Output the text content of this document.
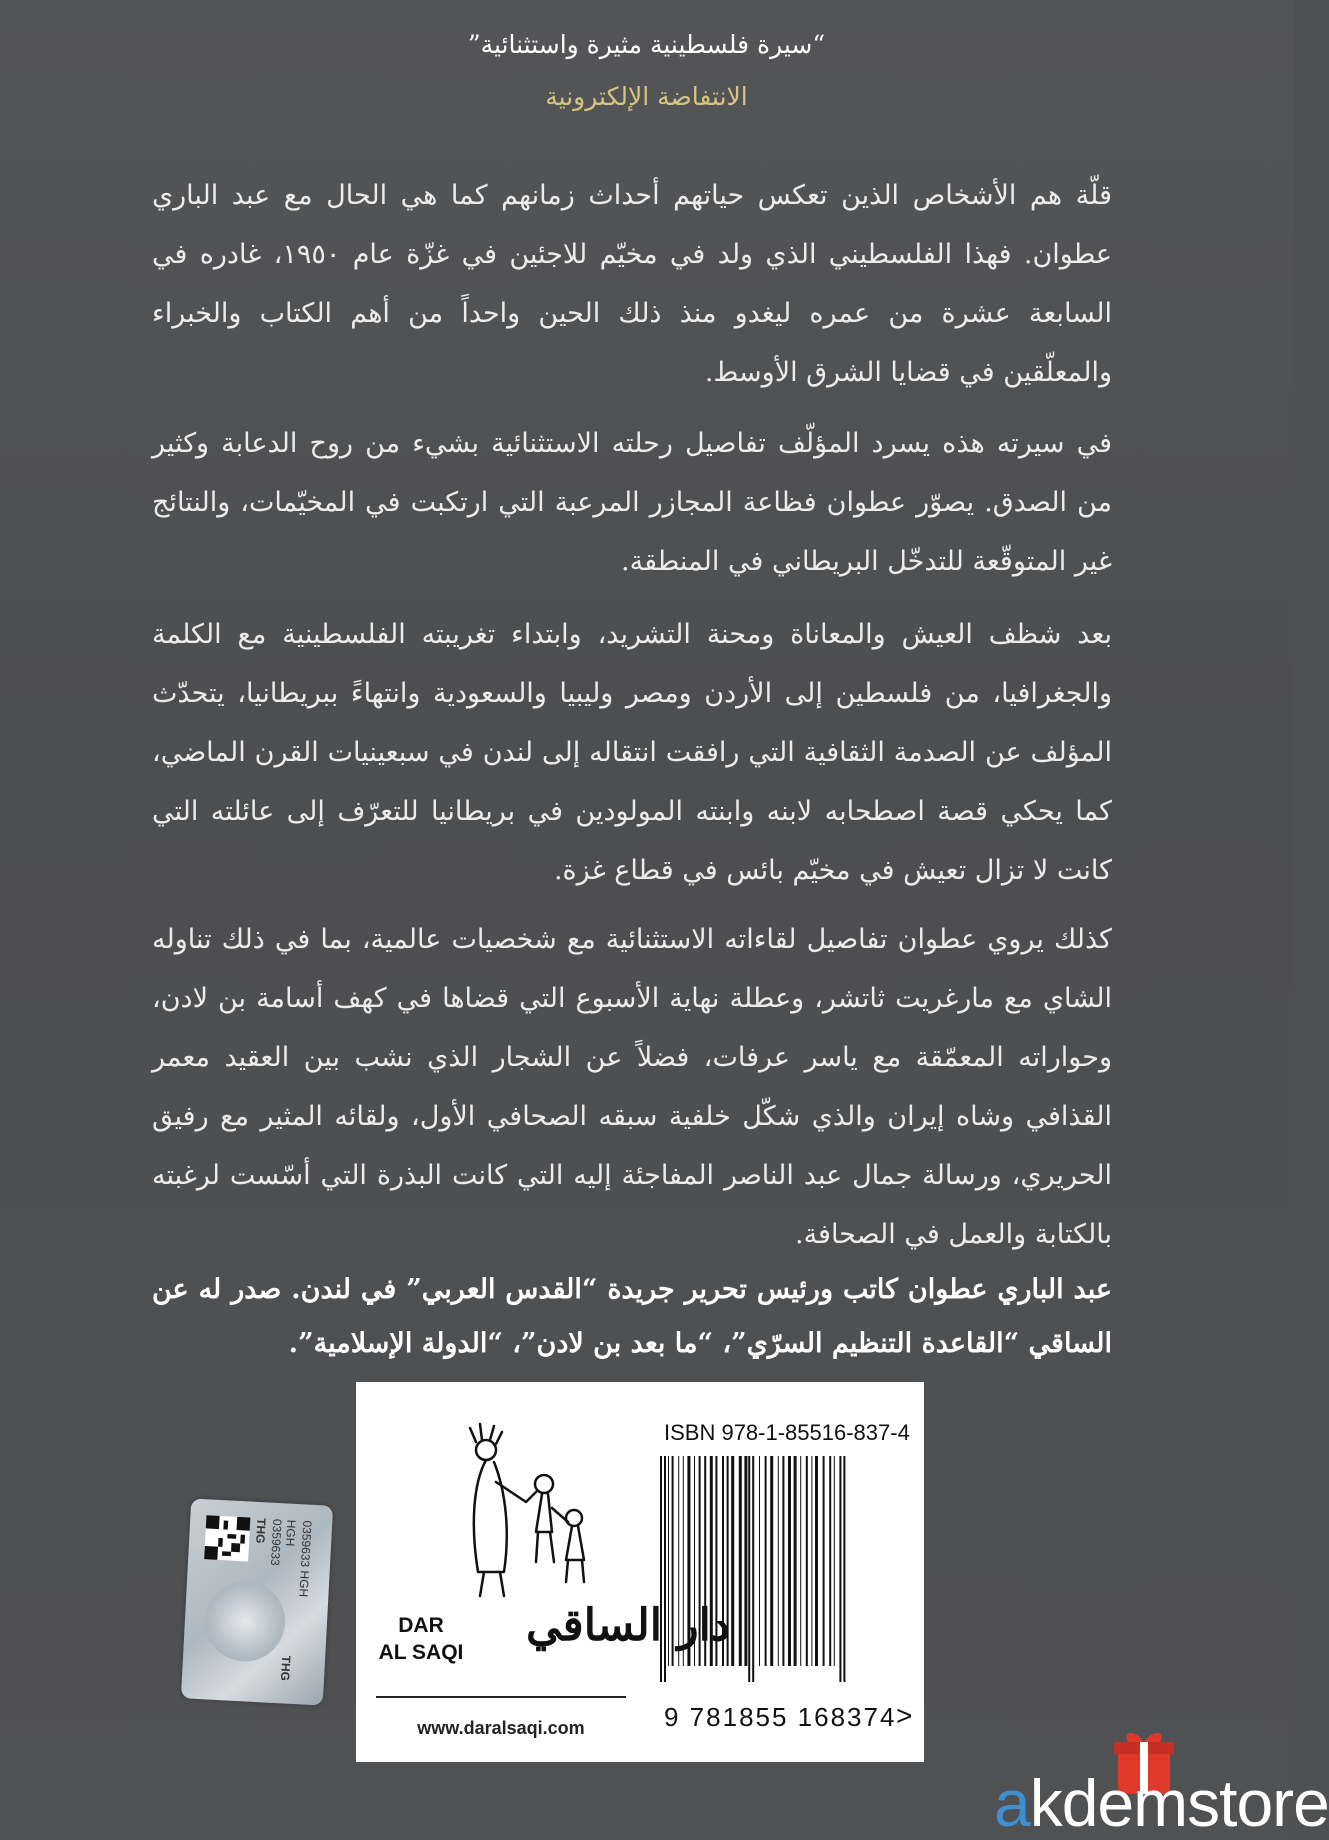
“سيرة فلسطينية مثيرة واستثنائية”
الانتفاضة الإلكترونية

قلّة هم الأشخاص الذين تعكس حياتهم أحداث زمانهم كما هي الحال مع عبد الباري عطوان. فهذا الفلسطيني الذي ولد في مخيّم للاجئين في غزّة عام ١٩٥٠، غادره في السابعة عشرة من عمره ليغدو منذ ذلك الحين واحداً من أهم الكتاب والخبراء والمعلّقين في قضايا الشرق الأوسط.

في سيرته هذه يسرد المؤلّف تفاصيل رحلته الاستثنائية بشيء من روح الدعابة وكثير من الصدق. يصوّر عطوان فظاعة المجازر المرعبة التي ارتكبت في المخيّمات، والنتائج غير المتوقّعة للتدخّل البريطاني في المنطقة.

بعد شظف العيش والمعاناة ومحنة التشريد، وابتداء تغريبته الفلسطينية مع الكلمة والجغرافيا، من فلسطين إلى الأردن ومصر وليبيا والسعودية وانتهاءً ببريطانيا، يتحدّث المؤلف عن الصدمة الثقافية التي رافقت انتقاله إلى لندن في سبعينيات القرن الماضي، كما يحكي قصة اصطحابه لابنه وابنته المولودين في بريطانيا للتعرّف إلى عائلته التي كانت لا تزال تعيش في مخيّم بائس في قطاع غزة.

كذلك يروي عطوان تفاصيل لقاءاته الاستثنائية مع شخصيات عالمية، بما في ذلك تناوله الشاي مع مارغريت ثاتشر، وعطلة نهاية الأسبوع التي قضاها في كهف أسامة بن لادن، وحواراته المعمّقة مع ياسر عرفات، فضلاً عن الشجار الذي نشب بين العقيد معمر القذافي وشاه إيران والذي شكّل خلفية سبقه الصحافي الأول، ولقائه المثير مع رفيق الحريري، ورسالة جمال عبد الناصر المفاجئة إليه التي كانت البذرة التي أسّست لرغبته بالكتابة والعمل في الصحافة.

عبد الباري عطوان كاتب ورئيس تحرير جريدة “القدس العربي” في لندن. صدر له عن الساقي “القاعدة التنظيم السرّي”، “ما بعد بن لادن”، “الدولة الإسلامية”.

THG 0359633
HGH
0359633 HGH
THG
ISBN 978-1-85516-837-4
9 781855 168374 >
DAR
AL SAQI
دار الساقي
www.daralsaqi.com
akdemstore
